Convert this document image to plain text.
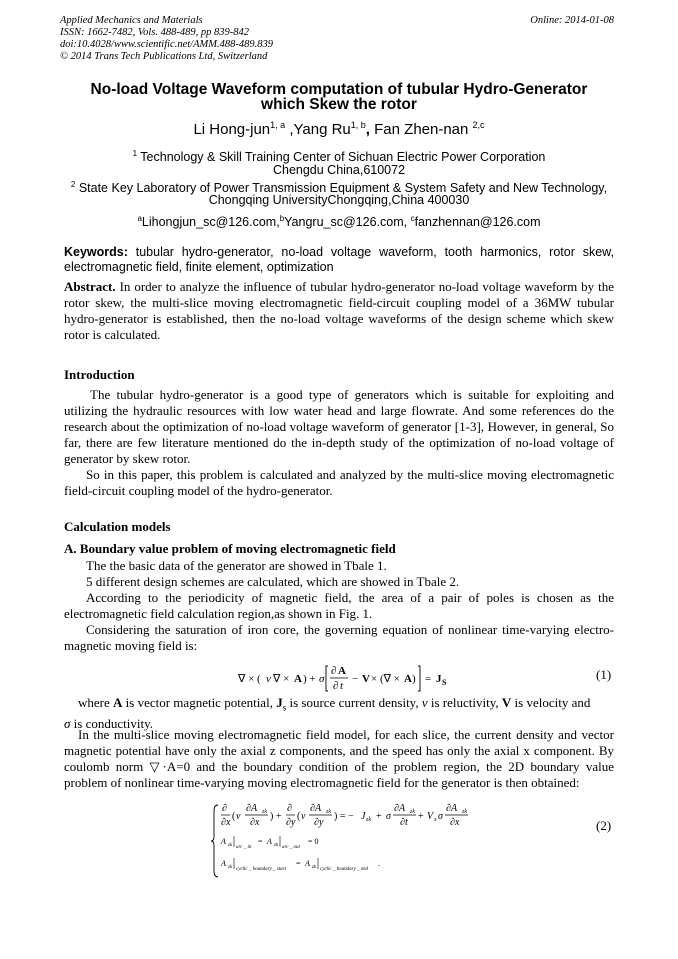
Applied Mechanics and Materials
ISSN: 1662-7482, Vols. 488-489, pp 839-842
doi:10.4028/www.scientific.net/AMM.488-489.839
© 2014 Trans Tech Publications Ltd, Switzerland
Online: 2014-01-08
No-load Voltage Waveform computation of tubular Hydro-Generator
which Skew the rotor
Li Hong-jun$^{1, a}$ ,Yang Ru$^{1, b}$, Fan Zhen-nan $^{2,c}$
$^1$ Technology & Skill Training Center of Sichuan Electric Power Corporation
Chengdu China,610072
$^2$ State Key Laboratory of Power Transmission Equipment & System Safety and New Technology,
Chongqing UniversityChongqing,China 400030
$^a$Lihongjun_sc@126.com,$^b$Yangru_sc@126.com, $^c$fanzhennan@126.com
Keywords: tubular hydro-generator, no-load voltage waveform, tooth harmonics, rotor skew, electromagnetic field, finite element, optimization
Abstract. In order to analyze the influence of tubular hydro-generator no-load voltage waveform by the rotor skew, the multi-slice moving electromagnetic field-circuit coupling model of a 36MW tubular hydro-generator is established, then the no-load voltage waveforms of the design scheme which skew rotor is calculated.
Introduction
The tubular hydro-generator is a good type of generators which is suitable for exploiting and utilizing the hydraulic resources with low water head and large flowrate. And some references do the research about the optimization of no-load voltage waveform of generator [1-3], However, in general, So far, there are few literature mentioned do the in-depth study of the optimization of no-load voltage of generator by skew rotor.
So in this paper, this problem is calculated and analyzed by the multi-slice moving electromagnetic field-circuit coupling model of the hydro-generator.
Calculation models
A. Boundary value problem of moving electromagnetic field
The the basic data of the generator are showed in Tbale 1.
5 different design schemes are calculated, which are showed in Tbale 2.
According to the periodicity of magnetic field, the area of a pair of poles is chosen as the electromagnetic field calculation region,as shown in Fig. 1.
Considering the saturation of iron core, the governing equation of nonlinear time-varying electro-magnetic moving field is:
∇ × ( ν ∇ × A ) + σ
∂ A
∂ t
− V × (∇ × A ) = J S
(1)
where A is vector magnetic potential, $J_s$ is source current density, v is reluctivity, V is velocity and
σ is conductivity.
In the multi-slice moving electromagnetic field model, for each slice, the current density and vector magnetic potential have only the axial z components, and the speed has only the axial x component. By coulomb norm ▽·A=0 and the boundary condition of the problem region, the 2D boundary value problem of nonlinear time-varying moving electromagnetic field for the generator is then obtained:
∂
∂x
( ν
∂A zk
∂x
) +
∂
∂y
( ν
∂A zk
∂y
) = − J zk + σ
∂A zk
∂t
+ V x σ
∂A zk
∂x
A zk arc _ in
= A zk arc _ out
= 0
A zk cyclic _ boundary _ start
= A zk cyclic _ boundary _ end
.
(2)
